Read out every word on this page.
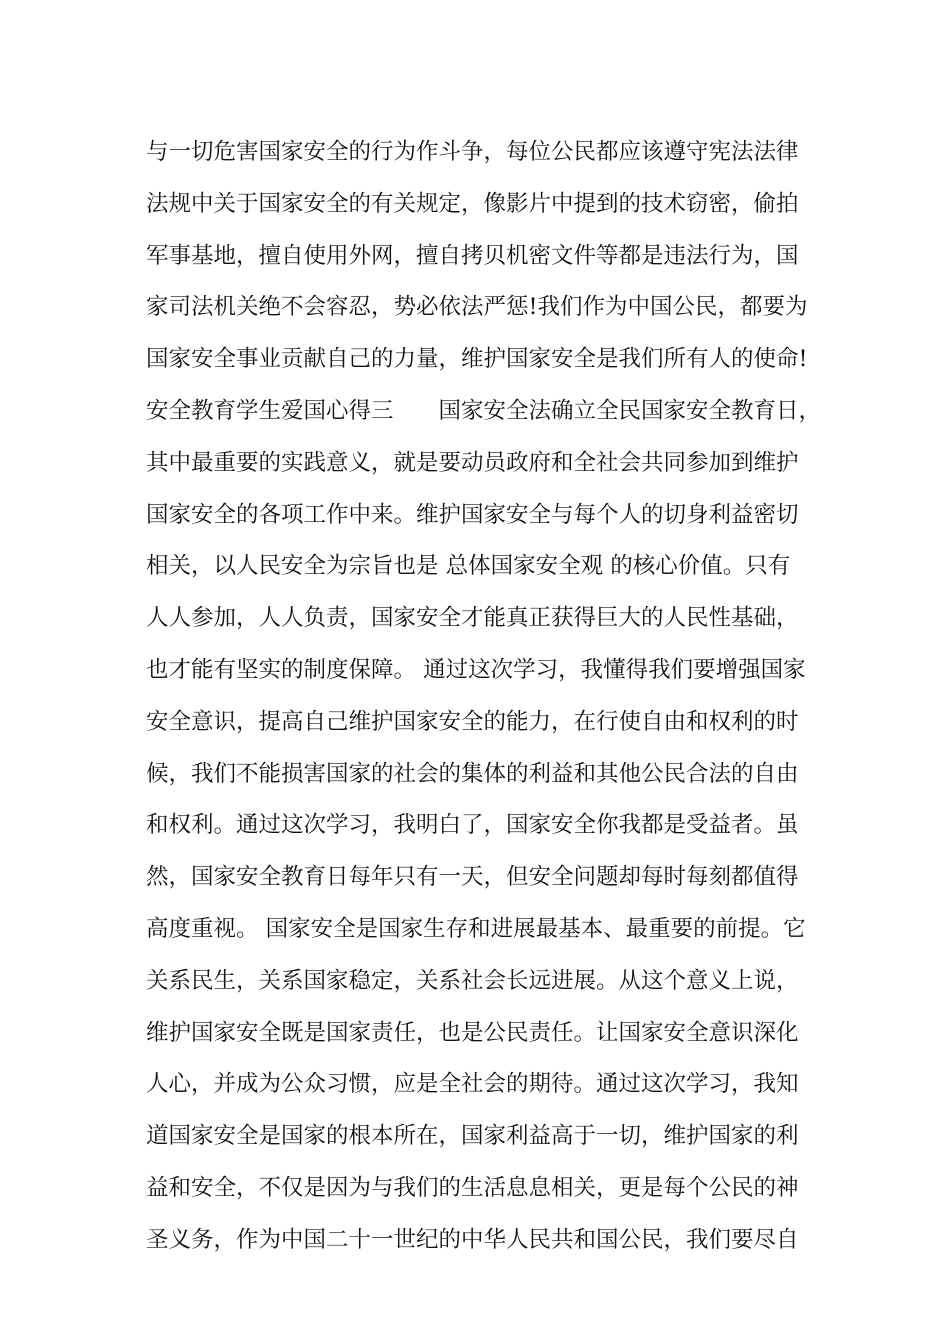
与一切危害国家安全的行为作斗争，每位公民都应该遵守宪法法律
法规中关于国家安全的有关规定，像影片中提到的技术窃密，偷拍
军事基地，擅自使用外网，擅自拷贝机密文件等都是违法行为，国
家司法机关绝不会容忍，势必依法严惩!我们作为中国公民，都要为
国家安全事业贡献自己的力量，维护国家安全是我们所有人的使命!
安全教育学生爱国心得三　　国家安全法确立全民国家安全教育日，
其中最重要的实践意义，就是要动员政府和全社会共同参加到维护
国家安全的各项工作中来。维护国家安全与每个人的切身利益密切
相关，以人民安全为宗旨也是 总体国家安全观 的核心价值。只有
人人参加，人人负责，国家安全才能真正获得巨大的人民性基础，
也才能有坚实的制度保障。 通过这次学习，我懂得我们要增强国家
安全意识，提高自己维护国家安全的能力，在行使自由和权利的时
候，我们不能损害国家的社会的集体的利益和其他公民合法的自由
和权利。通过这次学习，我明白了，国家安全你我都是受益者。虽
然，国家安全教育日每年只有一天，但安全问题却每时每刻都值得
高度重视。 国家安全是国家生存和进展最基本、最重要的前提。它
关系民生，关系国家稳定，关系社会长远进展。从这个意义上说，
维护国家安全既是国家责任，也是公民责任。让国家安全意识深化
人心，并成为公众习惯，应是全社会的期待。通过这次学习，我知
道国家安全是国家的根本所在，国家利益高于一切，维护国家的利
益和安全，不仅是因为与我们的生活息息相关，更是每个公民的神
圣义务，作为中国二十一世纪的中华人民共和国公民，我们要尽自
